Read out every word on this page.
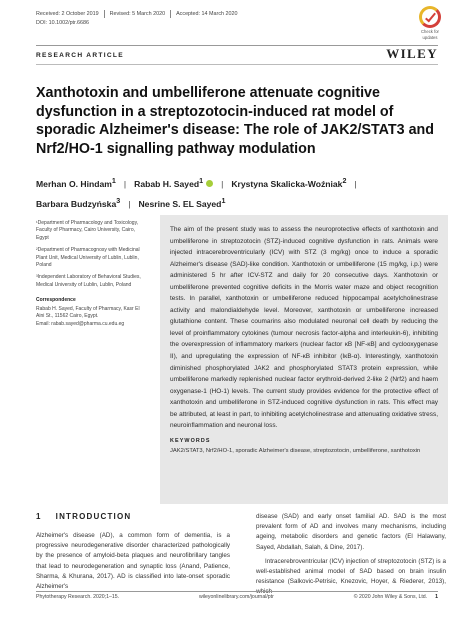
Received: 2 October 2019 Revised: 5 March 2020 Accepted: 14 March 2020
DOI: 10.1002/ptr.6686
Check for
updates
RESEARCH ARTICLE	WILEY
Xanthotoxin and umbelliferone attenuate cognitive dysfunction in a streptozotocin-induced rat model of sporadic Alzheimer's disease: The role of JAK2/STAT3 and Nrf2/HO-1 signalling pathway modulation
Merhan O. Hindam$^1$ | Rabab H. Sayed$^1$ | Krystyna Skalicka-Woźniak$^2$ |
Barbara Budzyńska$^3$ | Nesrine S. EL Sayed$^1$

¹Department of Pharmacology and Toxicology, Faculty of Pharmacy, Cairo University, Cairo, Egypt

²Department of Pharmacognosy with Medicinal Plant Unit, Medical University of Lublin, Lublin, Poland

³Independent Laboratory of Behavioral Studies, Medical University of Lublin, Lublin, Poland

Correspondence

Rabab H. Sayed, Faculty of Pharmacy, Kasr El Aini St., 11562 Cairo, Egypt.

Email: rabab.sayed@pharma.cu.edu.eg

The aim of the present study was to assess the neuroprotective effects of xanthotoxin and umbelliferone in streptozotocin (STZ)-induced cognitive dysfunction in rats. Animals were injected intracerebroventricularly (ICV) with STZ (3 mg/kg) once to induce a sporadic Alzheimer's disease (SAD)-like condition. Xanthotoxin or umbelliferone (15 mg/kg, i.p.) were administered 5 hr after ICV-STZ and daily for 20 consecutive days. Xanthotoxin or umbelliferone prevented cognitive deficits in the Morris water maze and object recognition tests. In parallel, xanthotoxin or umbelliferone reduced hippocampal acetylcholinestrase activity and malondialdehyde level. Moreover, xanthotoxin or umbelliferone increased glutathione content. These coumarins also modulated neuronal cell death by reducing the level of proinflammatory cytokines (tumour necrosis factor-alpha and interleukin-6), inhibiting the overexpression of inflammatory markers (nuclear factor κB [NF-κB] and cyclooxygenase II), and upregulating the expression of NF-κB inhibitor (IκB-α). Interestingly, xanthotoxin diminished phosphorylated JAK2 and phosphorylated STAT3 protein expression, while umbelliferone markedly replenished nuclear factor erythroid-derived 2-like 2 (Nrf2) and haem oxygenase-1 (HO-1) levels. The current study provides evidence for the protective effect of xanthotoxin and umbelliferone in STZ-induced cognitive dysfunction in rats. This effect may be attributed, at least in part, to inhibiting acetylcholinestrase and attenuating oxidative stress, neuroinflammation and neuronal loss.

KEYWORDS

JAK2/STAT3, Nrf2/HO-1, sporadic Alzheimer's disease, streptozotocin, umbelliferone, xanthotoxin

1 INTRODUCTION

Alzheimer's disease (AD), a common form of dementia, is a progressive neurodegenerative disorder characterized pathologically by the presence of amyloid-beta plaques and neurofibrillary tangles that lead to neurodegeneration and synaptic loss (Anand, Patience, Sharma, & Khurana, 2017). AD is classified into late-onset sporadic Alzheimer's

disease (SAD) and early onset familial AD. SAD is the most prevalent form of AD and involves many mechanisms, including ageing, metabolic disorders and genetic factors (El Halawany, Sayed, Abdallah, Salah, & Dine, 2017).

Intracerebroventricular (ICV) injection of streptozotocin (STZ) is a well-established animal model of SAD based on brain insulin resistance (Salkovic-Petrisic, Knezovic, Hoyer, & Riederer, 2013), which

Phytotherapy Research. 2020;1–15.	wileyonlinelibrary.com/journal/ptr	© 2020 John Wiley & Sons, Ltd. 1
